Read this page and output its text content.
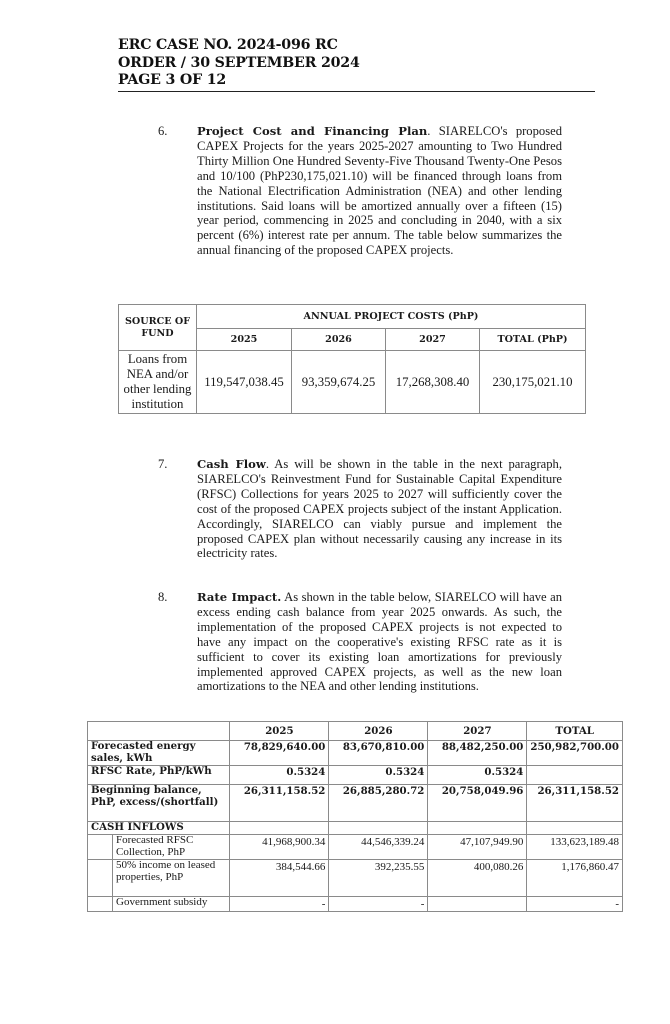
ERC CASE NO. 2024-096 RC
ORDER / 30 SEPTEMBER 2024
PAGE 3 OF 12
6.	Project Cost and Financing Plan. SIARELCO's proposed CAPEX Projects for the years 2025-2027 amounting to Two Hundred Thirty Million One Hundred Seventy-Five Thousand Twenty-One Pesos and 10/100 (PhP230,175,021.10) will be financed through loans from the National Electrification Administration (NEA) and other lending institutions. Said loans will be amortized annually over a fifteen (15) year period, commencing in 2025 and concluding in 2040, with a six percent (6%) interest rate per annum. The table below summarizes the annual financing of the proposed CAPEX projects.
SOURCE OF FUND	ANNUAL PROJECT COSTS (PhP)			
	2025	2026	2027	TOTAL (PhP)
Loans from NEA and/or other lending institution	119,547,038.45	93,359,674.25	17,268,308.40	230,175,021.10
7.	Cash Flow. As will be shown in the table in the next paragraph, SIARELCO's Reinvestment Fund for Sustainable Capital Expenditure (RFSC) Collections for years 2025 to 2027 will sufficiently cover the cost of the proposed CAPEX projects subject of the instant Application. Accordingly, SIARELCO can viably pursue and implement the proposed CAPEX plan without necessarily causing any increase in its electricity rates.
8.	Rate Impact. As shown in the table below, SIARELCO will have an excess ending cash balance from year 2025 onwards. As such, the implementation of the proposed CAPEX projects is not expected to have any impact on the cooperative's existing RFSC rate as it is sufficient to cover its existing loan amortizations for previously implemented approved CAPEX projects, as well as the new loan amortizations to the NEA and other lending institutions.
		2025	2026	2027	TOTAL
Forecasted energy sales, kWh		78,829,640.00	83,670,810.00	88,482,250.00	250,982,700.00
RFSC Rate, PhP/kWh		0.5324	0.5324	0.5324	
Beginning balance, PhP, excess/(shortfall)		26,311,158.52	26,885,280.72	20,758,049.96	26,311,158.52
CASH INFLOWS					
	Forecasted RFSC Collection, PhP	41,968,900.34	44,546,339.24	47,107,949.90	133,623,189.48
	50% income on leased properties, PhP	384,544.66	392,235.55	400,080.26	1,176,860.47
	Government subsidy	-	-		-
